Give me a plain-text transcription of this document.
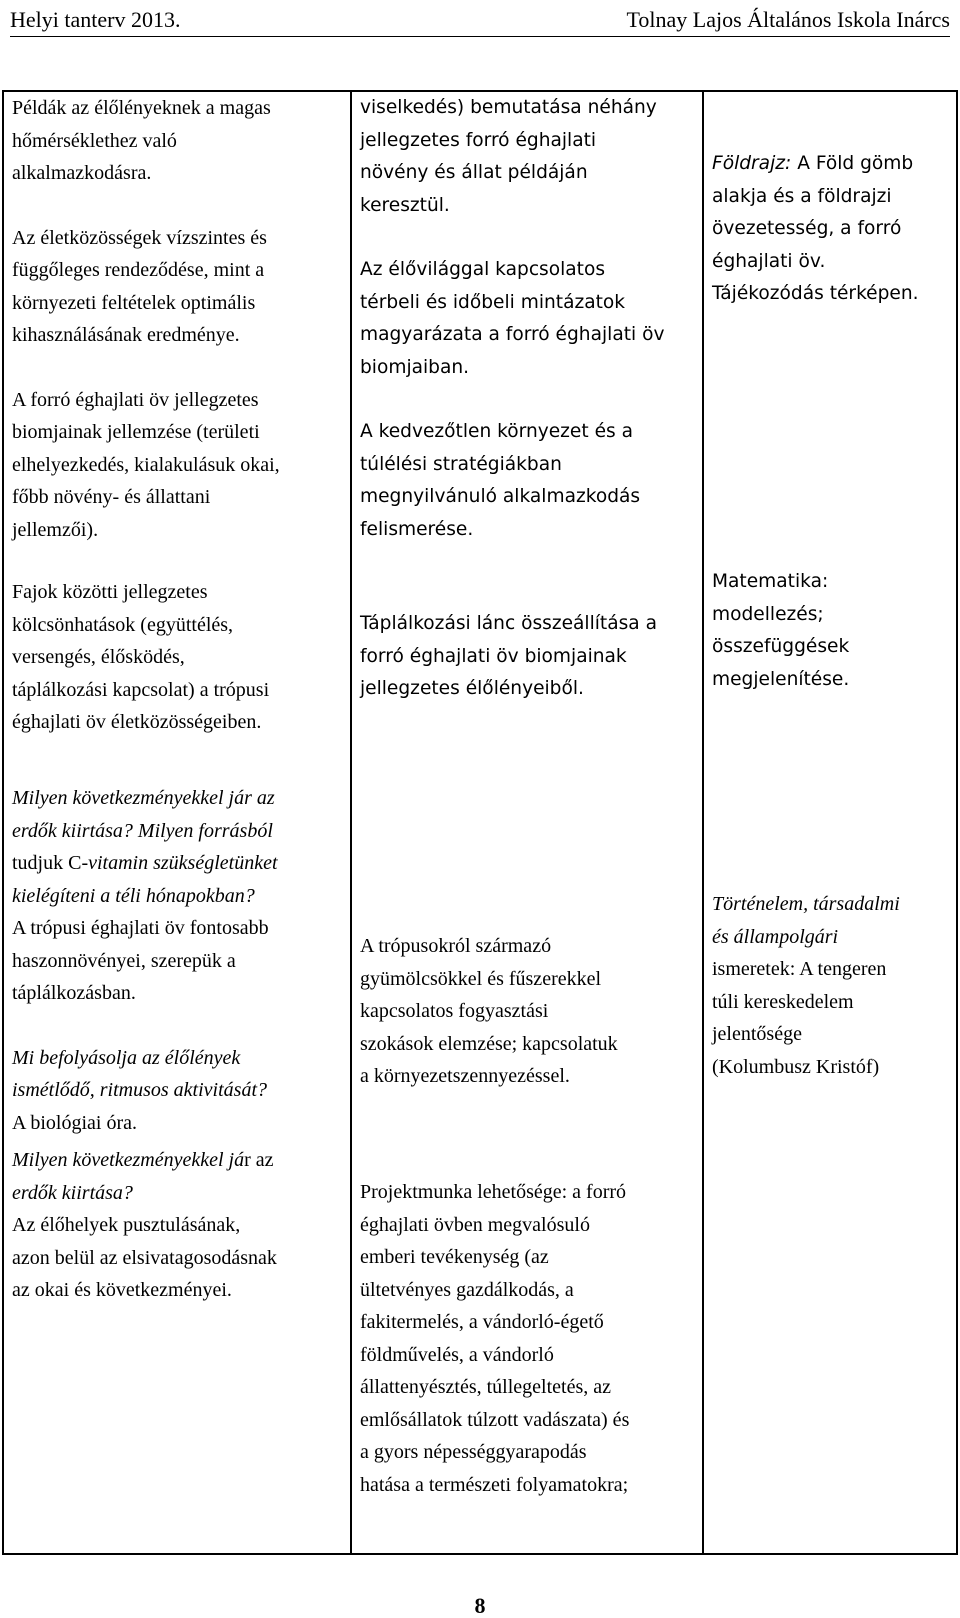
Helyi tanterv 2013.	Tolnay Lajos Általános Iskola Inárcs
Példák az élőlényeknek a magas
hőmérséklethez való
alkalmazkodásra.
Az életközösségek vízszintes és
függőleges rendeződése, mint a
környezeti feltételek optimális
kihasználásának eredménye.
A forró éghajlati öv jellegzetes
biomjainak jellemzése (területi
elhelyezkedés, kialakulásuk okai,
főbb növény- és állattani
jellemzői).
viselkedés) bemutatása néhány
jellegzetes forró éghajlati
növény és állat példáján
keresztül.
Az élővilággal kapcsolatos
térbeli és időbeli mintázatok
magyarázata a forró éghajlati öv
biomjaiban.
A kedvezőtlen környezet és a
túlélési stratégiákban
megnyilvánuló alkalmazkodás
felismerése.
Földrajz: A Föld gömb
alakja és a földrajzi
övezetesség, a forró
éghajlati öv.
Tájékozódás térképen.
Fajok közötti jellegzetes
kölcsönhatások (együttélés,
versengés, élősködés,
táplálkozási kapcsolat) a trópusi
éghajlati öv életközösségeiben.
Táplálkozási lánc összeállítása a
forró éghajlati öv biomjainak
jellegzetes élőlényeiből.
Matematika:
modellezés;
összefüggések
megjelenítése.
Milyen következményekkel jár az
erdők kiirtása? Milyen forrásból
tudjuk C-vitamin szükségletünket
kielégíteni a téli hónapokban?
A trópusi éghajlati öv fontosabb
haszonnövényei, szerepük a
táplálkozásban.
Mi befolyásolja az élőlények
ismétlődő, ritmusos aktivitását?
A biológiai óra.
A trópusokról származó
gyümölcsökkel és fűszerekkel
kapcsolatos fogyasztási
szokások elemzése; kapcsolatuk
a környezetszennyezéssel.
Történelem, társadalmi
és állampolgári
ismeretek: A tengeren
túli kereskedelem
jelentősége
(Kolumbusz Kristóf)
Milyen következményekkel jár az
erdők kiirtása?
Az élőhelyek pusztulásának,
azon belül az elsivatagosodásnak
az okai és következményei.
Projektmunka lehetősége: a forró
éghajlati övben megvalósuló
emberi tevékenység (az
ültetvényes gazdálkodás, a
fakitermelés, a vándorló-égető
földművelés, a vándorló
állattenyésztés, túllegeltetés, az
emlősállatok túlzott vadászata) és
a gyors népességgyarapodás
hatása a természeti folyamatokra;
8
